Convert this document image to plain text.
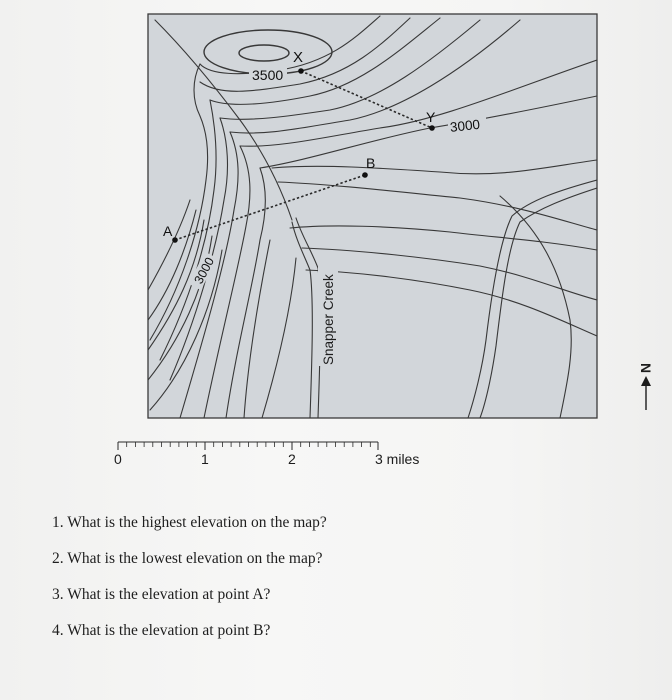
Snapper Creek
X
Y
A
B
3500
3000
3000
0	1	2	3 miles
N
1. What is the highest elevation on the map?
2. What is the lowest elevation on the map?
3. What is the elevation at point A?
4. What is the elevation at point B?
